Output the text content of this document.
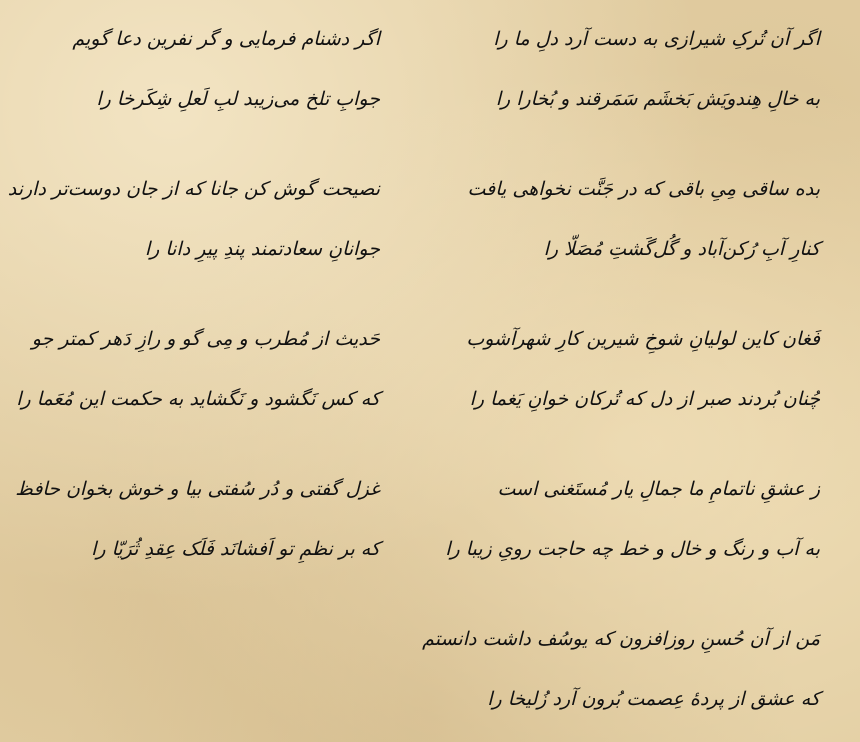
اگر آن تُرکِ شیرازی به دست آرد دلِ ما را
به خالِ هِندویَش بَخشَم سَمَرقند و بُخارا را
اگر دشنام فرمایی و گر نفرین دعا گویم
جوابِ تلخ می‌زیبد لبِ لَعلِ شِکَرخا را
بده ساقی مِیِ باقی که در جَنَّت نخواهی یافت
کنارِ آبِ رُکن‌آباد و گُل‌گَشتِ مُصَلّا را
نصیحت گوش کن جانا که از جان دوست‌تر دارند
جوانانِ سعادتمند پندِ پیرِ دانا را
فَغان کاین لولیانِ شوخِ شیرین کارِ شهرآشوب
چُنان بُردند صبر از دل که تُرکان خوانِ یَغما را
حَدیث از مُطرب و مِی گو و رازِ دَهر کمتر جو
که کس نَگشود و نَگشاید به حکمت این مُعَما را
ز عشقِ ناتمامِ ما جمالِ یار مُستَغنی است
به آب و رنگ و خال و خط چه حاجت رویِ زیبا را
غزل گفتی و دُر سُفتی بیا و خوش بخوان حافظ
که بر نظمِ تو اَفشانَد فَلَک عِقدِ ثُرَیّا را
مَن از آن حُسنِ روزافزون که یوسُف داشت دانستم
که عشق از پردهٔ عِصمت بُرون آرد زُلیخا را
